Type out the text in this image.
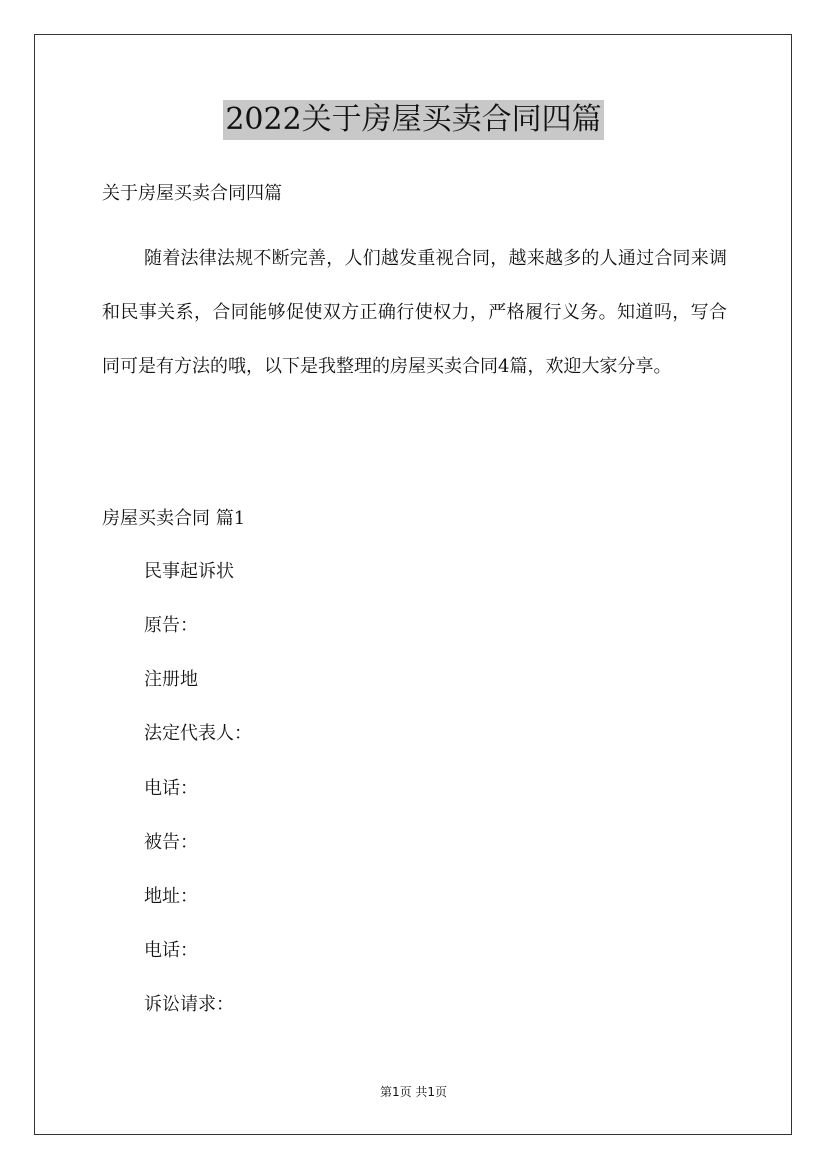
2022关于房屋买卖合同四篇
关于房屋买卖合同四篇

随着法律法规不断完善，人们越发重视合同，越来越多的人通过合同来调和民事关系，合同能够促使双方正确行使权力，严格履行义务。知道吗，写合同可是有方法的哦，以下是我整理的房屋买卖合同4篇，欢迎大家分享。

房屋买卖合同 篇1
民事起诉状
原告：
注册地
法定代表人：
电话：
被告：
地址：
电话：
诉讼请求：
第1页 共1页
